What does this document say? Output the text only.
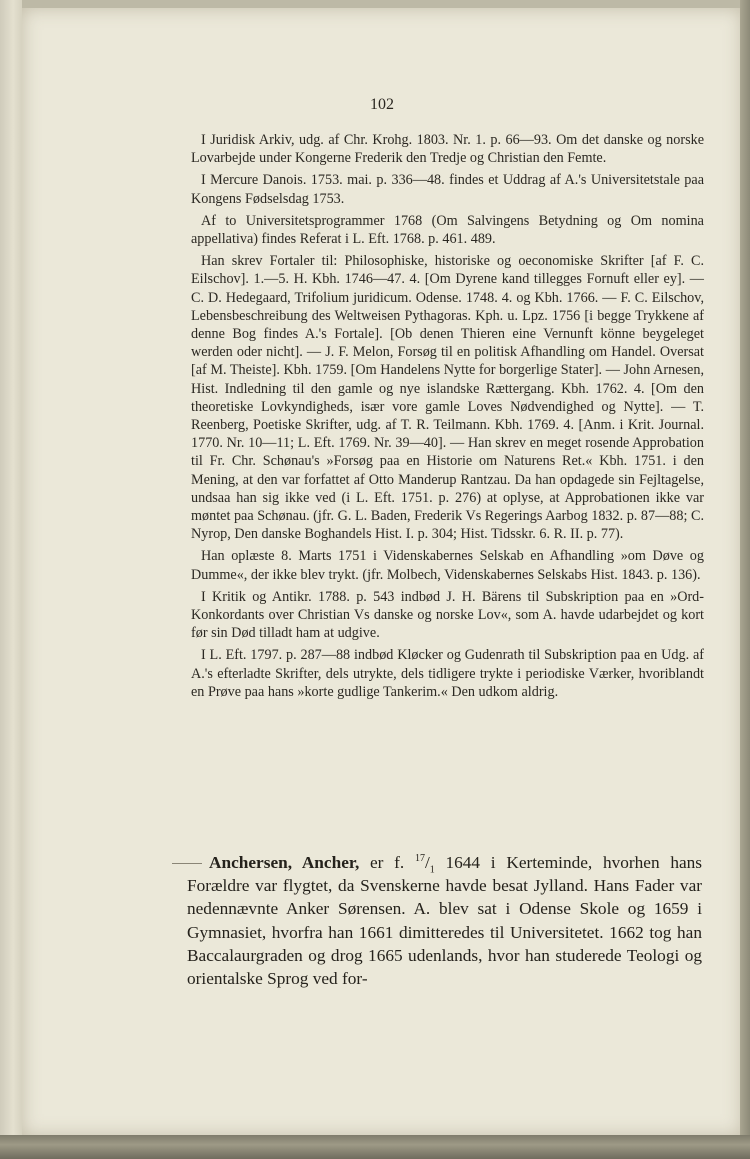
102

I Juridisk Arkiv, udg. af Chr. Krohg. 1803. Nr. 1. p. 66—93. Om det danske og norske Lovarbejde under Kongerne Frederik den Tredje og Christian den Femte.

I Mercure Danois. 1753. mai. p. 336—48. findes et Uddrag af A.'s Universitetstale paa Kongens Fødselsdag 1753.

Af to Universitetsprogrammer 1768 (Om Salvingens Betydning og Om nomina appellativa) findes Referat i L. Eft. 1768. p. 461. 489.

Han skrev Fortaler til: Philosophiske, historiske og oeconomiske Skrifter [af F. C. Eilschov]. 1.—5. H. Kbh. 1746—47. 4. [Om Dyrene kand tillegges Fornuft eller ey]. — C. D. Hedegaard, Trifolium juridicum. Odense. 1748. 4. og Kbh. 1766. — F. C. Eilschov, Lebensbeschreibung des Weltweisen Pythagoras. Kph. u. Lpz. 1756 [i begge Trykkene af denne Bog findes A.'s Fortale]. [Ob denen Thieren eine Vernunft könne beygeleget werden oder nicht]. — J. F. Melon, Forsøg til en politisk Afhandling om Handel. Oversat [af M. Theiste]. Kbh. 1759. [Om Handelens Nytte for borgerlige Stater]. — John Arnesen, Hist. Indledning til den gamle og nye islandske Rættergang. Kbh. 1762. 4. [Om den theoretiske Lovkyndigheds, især vore gamle Loves Nødvendighed og Nytte]. — T. Reenberg, Poetiske Skrifter, udg. af T. R. Teilmann. Kbh. 1769. 4. [Anm. i Krit. Journal. 1770. Nr. 10—11; L. Eft. 1769. Nr. 39—40]. — Han skrev en meget rosende Approbation til Fr. Chr. Schønau's »Forsøg paa en Historie om Naturens Ret.« Kbh. 1751. i den Mening, at den var forfattet af Otto Manderup Rantzau. Da han opdagede sin Fejltagelse, undsaa han sig ikke ved (i L. Eft. 1751. p. 276) at oplyse, at Approbationen ikke var møntet paa Schønau. (jfr. G. L. Baden, Frederik Vs Regerings Aarbog 1832. p. 87—88; C. Nyrop, Den danske Boghandels Hist. I. p. 304; Hist. Tidsskr. 6. R. II. p. 77).

Han oplæste 8. Marts 1751 i Videnskabernes Selskab en Afhandling »om Døve og Dumme«, der ikke blev trykt. (jfr. Molbech, Videnskabernes Selskabs Hist. 1843. p. 136).

I Kritik og Antikr. 1788. p. 543 indbød J. H. Bärens til Subskription paa en »Ord-Konkordants over Christian Vs danske og norske Lov«, som A. havde udarbejdet og kort før sin Død tilladt ham at udgive.

I L. Eft. 1797. p. 287—88 indbød Kløcker og Gudenrath til Subskription paa en Udg. af A.'s efterladte Skrifter, dels utrykte, dels tidligere trykte i periodiske Værker, hvoriblandt en Prøve paa hans »korte gudlige Tankerim.« Den udkom aldrig.

Anchersen, Ancher, er f. $^{17}/_1$ 1644 i Kerteminde, hvorhen hans Forældre var flygtet, da Svenskerne havde besat Jylland. Hans Fader var nedennævnte Anker Sørensen. A. blev sat i Odense Skole og 1659 i Gymnasiet, hvorfra han 1661 dimitteredes til Universitetet. 1662 tog han Baccalaurgraden og drog 1665 udenlands, hvor han studerede Teologi og orientalske Sprog ved for-
